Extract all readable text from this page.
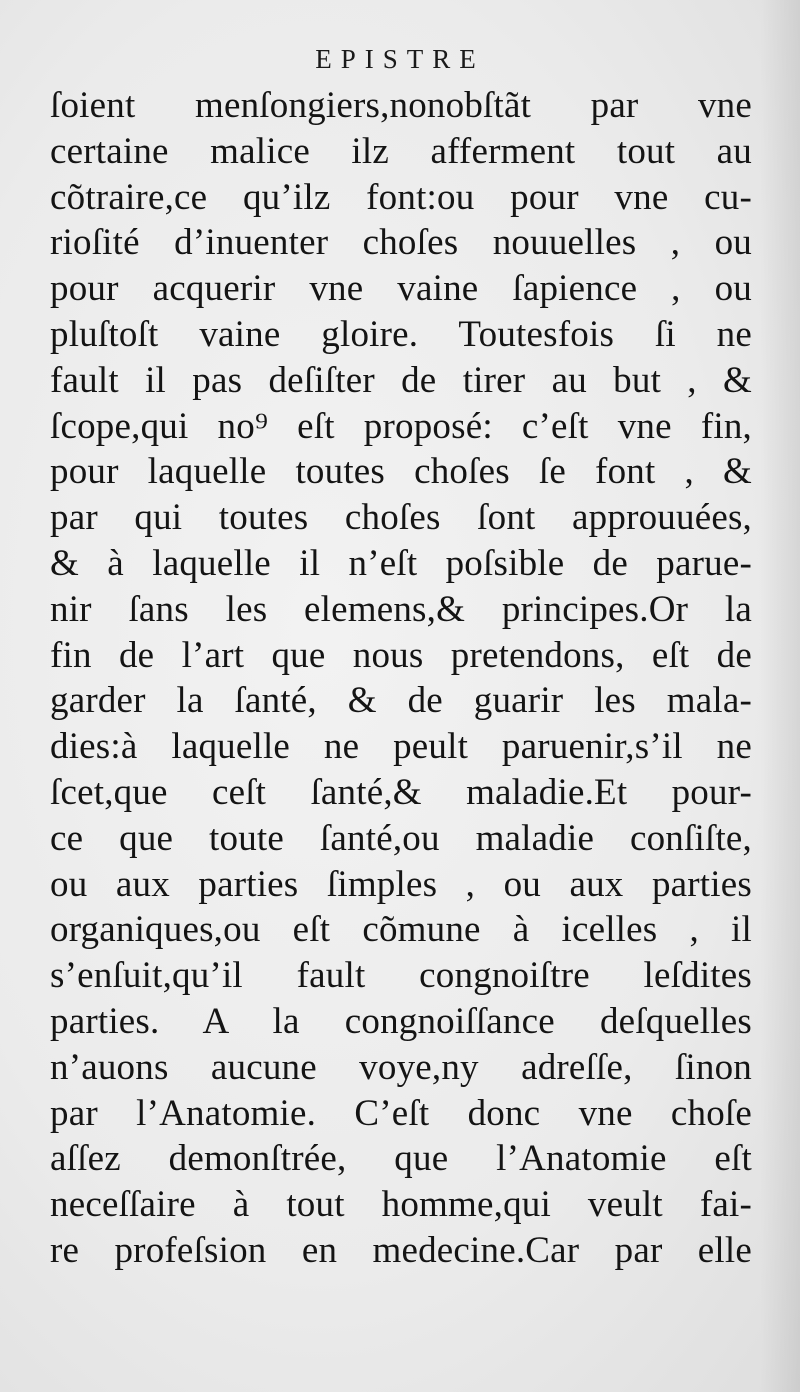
EPISTRE
ſoient menſongiers,nonobſtãt par vne
certaine malice ilz afferment tout au
cõtraire,ce qu’ilz font:ou pour vne cu-
rioſité d’inuenter choſes nouuelles , ou
pour acquerir vne vaine ſapience , ou
pluſtoſt vaine gloire. Toutesfois ſi ne
fault il pas deſiſter de tirer au but , &
ſcope,qui no⁹ eſt proposé: c’eſt vne fin,
pour laquelle toutes choſes ſe font , &
par qui toutes choſes ſont approuuées,
& à laquelle il n’eſt poſsible de parue-
nir ſans les elemens,& principes.Or la
fin de l’art que nous pretendons, eſt de
garder la ſanté, & de guarir les mala-
dies:à laquelle ne peult paruenir,s’il ne
ſcet,que ceſt ſanté,& maladie.Et pour-
ce que toute ſanté,ou maladie conſiſte,
ou aux parties ſimples , ou aux parties
organiques,ou eſt cõmune à icelles , il
s’enſuit,qu’il fault congnoiſtre leſdites
parties. A la congnoiſſance deſquelles
n’auons aucune voye,ny adreſſe, ſinon
par l’Anatomie. C’eſt donc vne choſe
aſſez demonſtrée, que l’Anatomie eſt
neceſſaire à tout homme,qui veult fai-
re profeſsion en medecine.Car par elle
